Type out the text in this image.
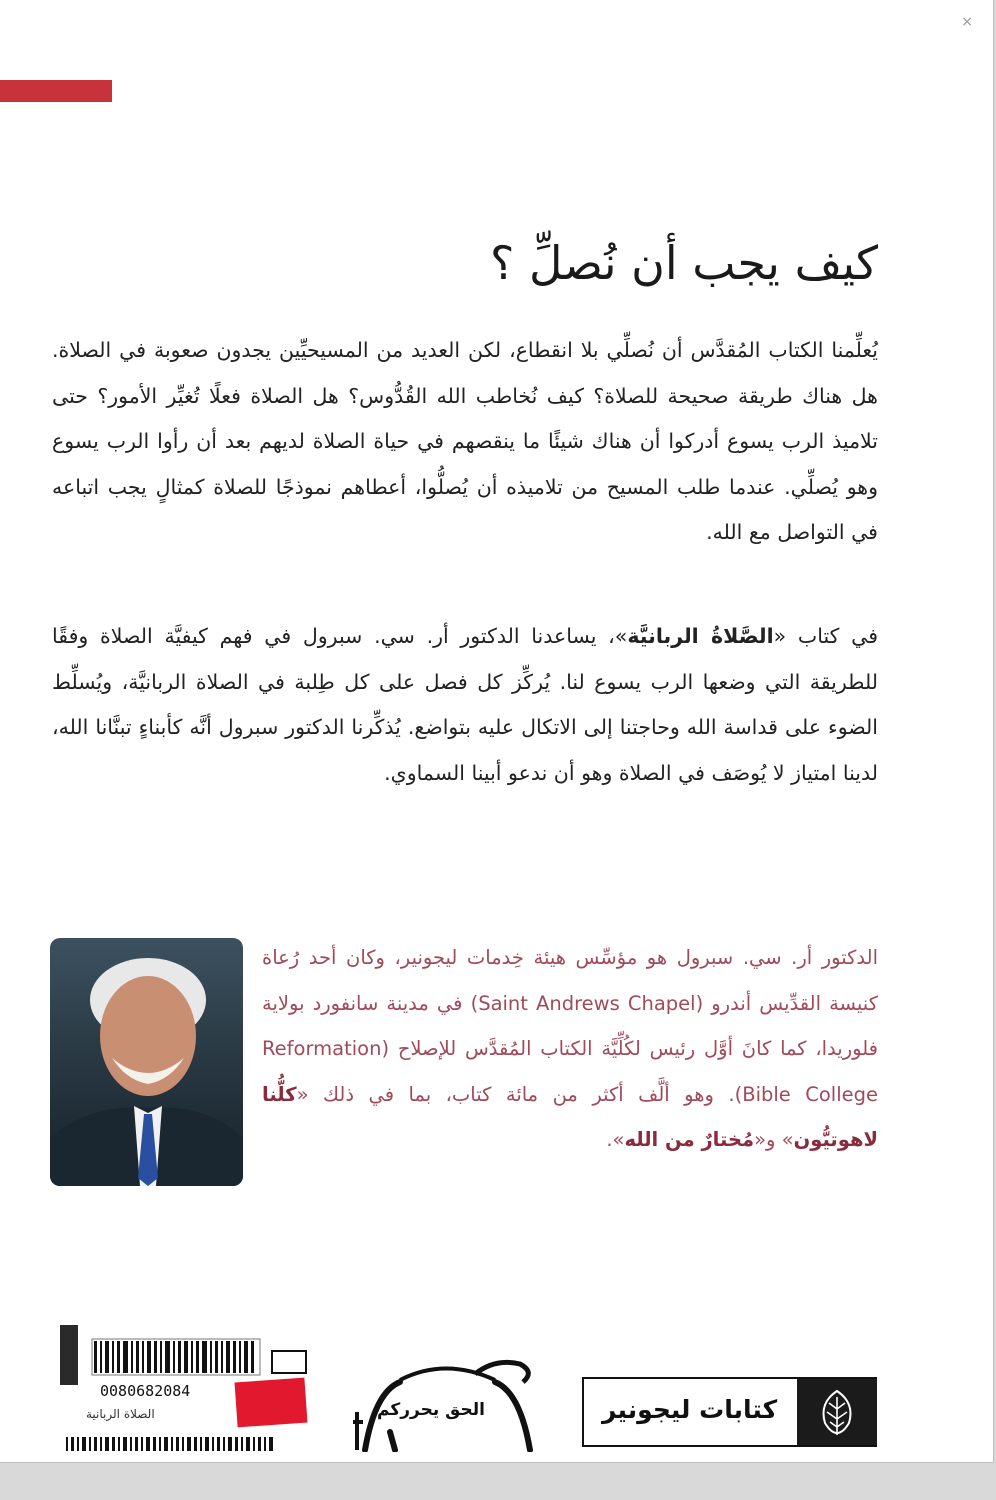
×
كيف يجب أن نُصلِّ ؟

يُعلِّمنا الكتاب المُقدَّس أن نُصلِّي بلا انقطاع، لكن العديد من المسيحيِّين يجدون صعوبة في الصلاة. هل هناك طريقة صحيحة للصلاة؟ كيف نُخاطب الله القُدُّوس؟ هل الصلاة فعلًا تُغيِّر الأمور؟ حتى تلاميذ الرب يسوع أدركوا أن هناك شيئًا ما ينقصهم في حياة الصلاة لديهم بعد أن رأوا الرب يسوع وهو يُصلِّي. عندما طلب المسيح من تلاميذه أن يُصلُّوا، أعطاهم نموذجًا للصلاة كمثالٍ يجب اتباعه في التواصل مع الله.

في كتاب «الصَّلاةُ الربانيَّة»، يساعدنا الدكتور أر. سي. سبرول في فهم كيفيَّة الصلاة وفقًا للطريقة التي وضعها الرب يسوع لنا. يُركِّز كل فصل على كل طِلبة في الصلاة الربانيَّة، ويُسلِّط الضوء على قداسة الله وحاجتنا إلى الاتكال عليه بتواضع. يُذكِّرنا الدكتور سبرول أنَّه كأبناءٍ تبنَّانا الله، لدينا امتياز لا يُوصَف في الصلاة وهو أن ندعو أبينا السماوي.

الدكتور أر. سي. سبرول هو مؤسِّس هيئة خِدمات ليجونير، وكان أحد رُعاة كنيسة القدِّيس أندرو (Saint Andrews Chapel) في مدينة سانفورد بولاية فلوريدا، كما كانَ أوَّل رئيس لكُلِّيَّة الكتاب المُقدَّس للإصلاح (Reformation Bible College). وهو ألَّف أكثر من مائة كتاب، بما في ذلك «كلُّنا لاهوتيُّون» و«مُختارٌ من الله».

0080682084
الصلاة الربانية	الحق يحرركم	كتابات ليجونير
